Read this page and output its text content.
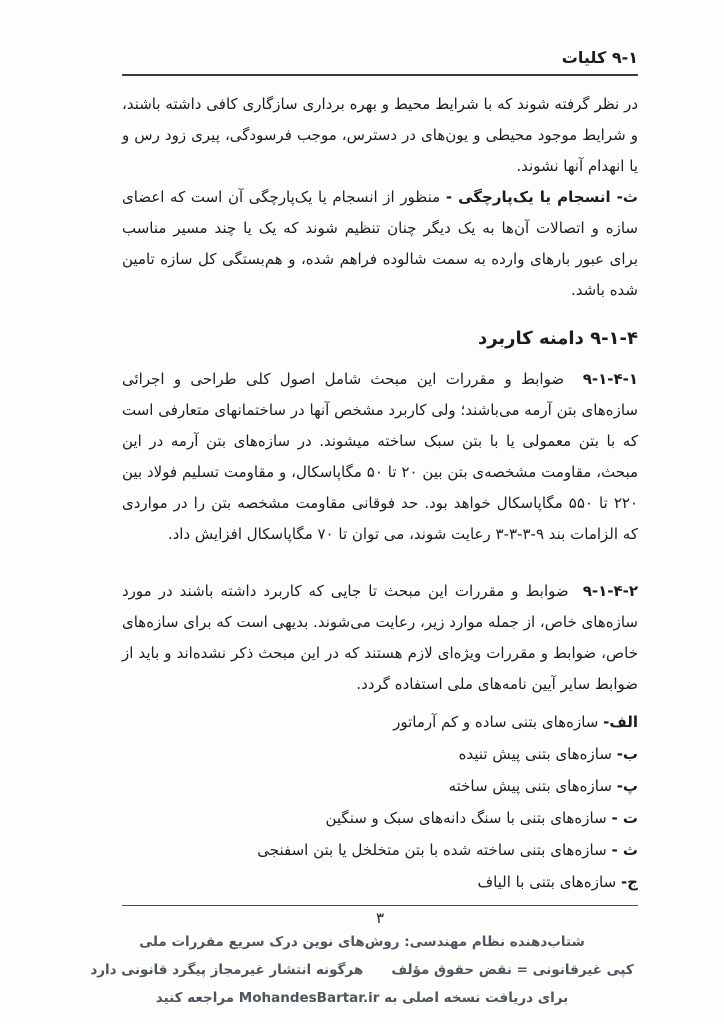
۹-۱ کلیات

در نظر گرفته شوند که با شرایط محیط و بهره برداری سازگاری کافی داشته باشند، و شرایط موجود محیطی و یون‌های در دسترس، موجب فرسودگی، پیری زود رس و یا انهدام آنها نشوند.

ث- انسجام یا یک‌پارچگی - منظور از انسجام یا یک‌پارچگی آن است که اعضای سازه و اتصالات آن‌ها به یک دیگر چنان تنظیم شوند که یک یا چند مسیر مناسب برای عبور بارهای وارده به سمت شالوده فراهم شده، و هم‌بستگی کل سازه تامین شده باشد.

۹-۱-۴ دامنه کاربرد

۹-۱-۴-۱  ضوابط و مقررات این مبحث شامل اصول کلی طراحی و اجرائی سازه‌های بتن آرمه می‌باشند؛ ولی کاربرد مشخص آنها در ساختمانهای متعارفی است که با بتن معمولی یا با بتن سبک ساخته میشوند. در سازه‌های بتن آرمه در این مبحث، مقاومت مشخصه‌ی بتن بین ۲۰ تا ۵۰ مگاپاسکال، و مقاومت تسلیم فولاد بین ۲۲۰ تا ۵۵۰ مگاپاسکال خواهد بود. حد فوقانی مقاومت مشخصه بتن را در مواردی که الزامات بند ۹-۳-۳-۳ رعایت شوند، می توان تا ۷۰ مگاپاسکال افزایش داد.

۹-۱-۴-۲  ضوابط و مقررات این مبحث تا جایی که کاربرد داشته باشند در مورد سازه‌های خاص، از جمله موارد زیر، رعایت می‌شوند. بدیهی است که برای سازه‌های خاص، ضوابط و مقررات ویژه‌ای لازم هستند که در این مبحث ذکر نشده‌اند و باید از ضوابط سایر آیین نامه‌های ملی استفاده گردد.

الف- سازه‌های بتنی ساده و کم آرماتور

ب- سازه‌های بتنی پیش تنیده

پ- سازه‌های بتنی پیش ساخته

ت - سازه‌های بتنی با سنگ دانه‌های سبک و سنگین

ث - سازه‌های بتنی ساخته شده با بتن متخلخل یا بتن اسفنجی

ج- سازه‌های بتنی با الیاف

۳
شتاب‌دهنده نظام مهندسی: روش‌های نوین درک سریع مقررات ملی
کپی غیرقانونی = نقض حقوق مؤلف      هرگونه انتشار غیرمجاز پیگرد قانونی دارد
برای دریافت نسخه اصلی به MohandesBartar.ir مراجعه کنید
